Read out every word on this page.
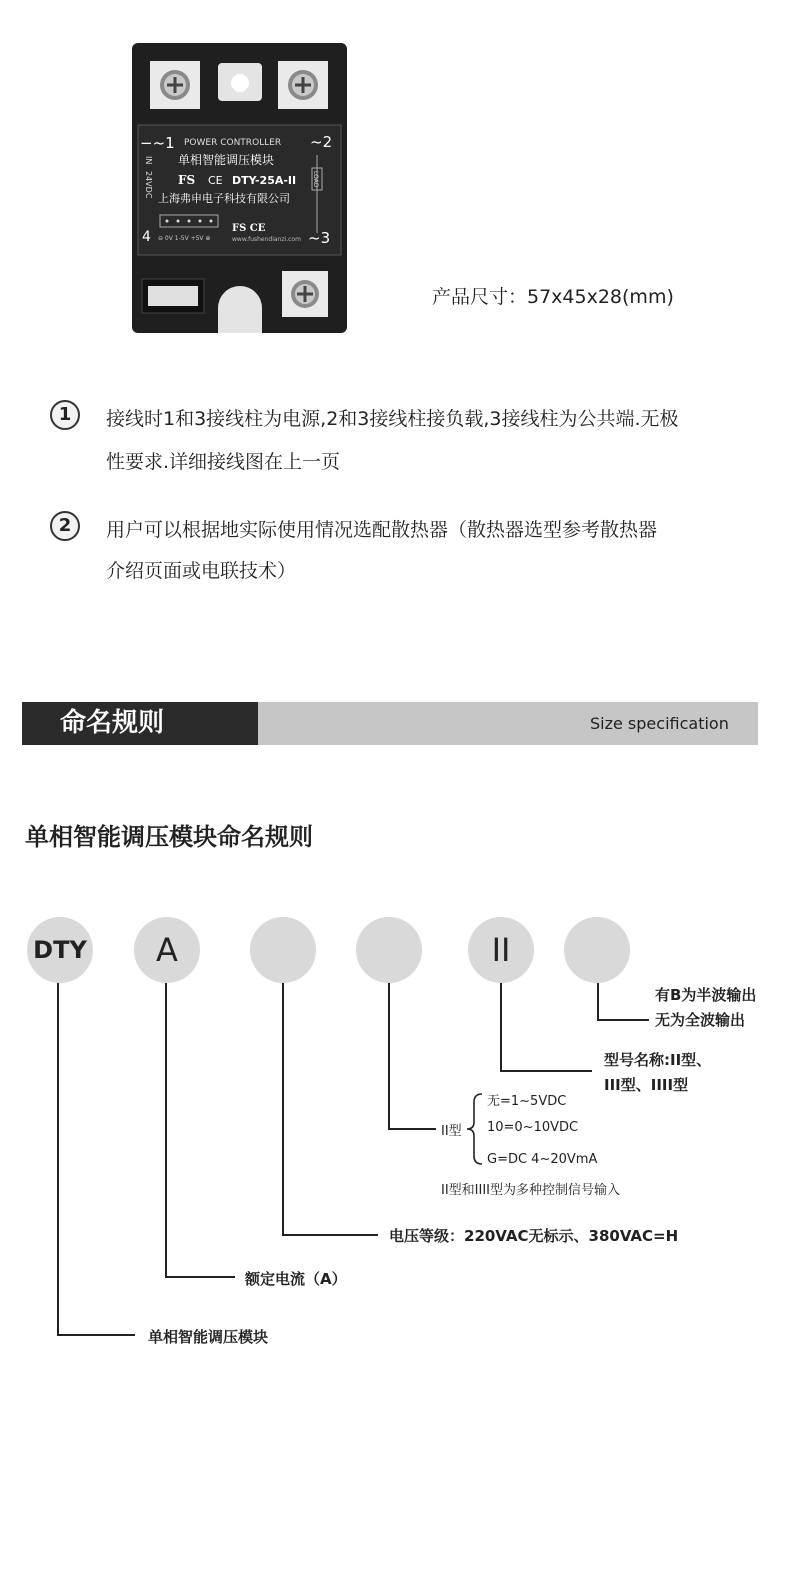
−~1 POWER CONTROLLER ~2
单相智能调压模块
FS CE DTY-25A-II
上海弗申电子科技有限公司
4 ⊖ 0V 1-5V +5V ⊕
FS CE
www.fushendianzi.com ~3
IN
24VDC	LOAD
产品尺寸：57x45x28(mm)
1	接线时1和3接线柱为电源,2和3接线柱接负载,3接线柱为公共端.无极
性要求.详细接线图在上一页
2	用户可以根据地实际使用情况选配散热器（散热器选型参考散热器
介绍页面或电联技术）
命名规则	Size specification
单相智能调压模块命名规则
DTY	A	II
有B为半波输出
无为全波输出
型号名称:II型、
III型、IIII型
II型
无=1~5VDC
10=0~10VDC
G=DC 4~20VmA
II型和IIII型为多种控制信号输入
电压等级：220VAC无标示、380VAC=H
额定电流（A）
单相智能调压模块
